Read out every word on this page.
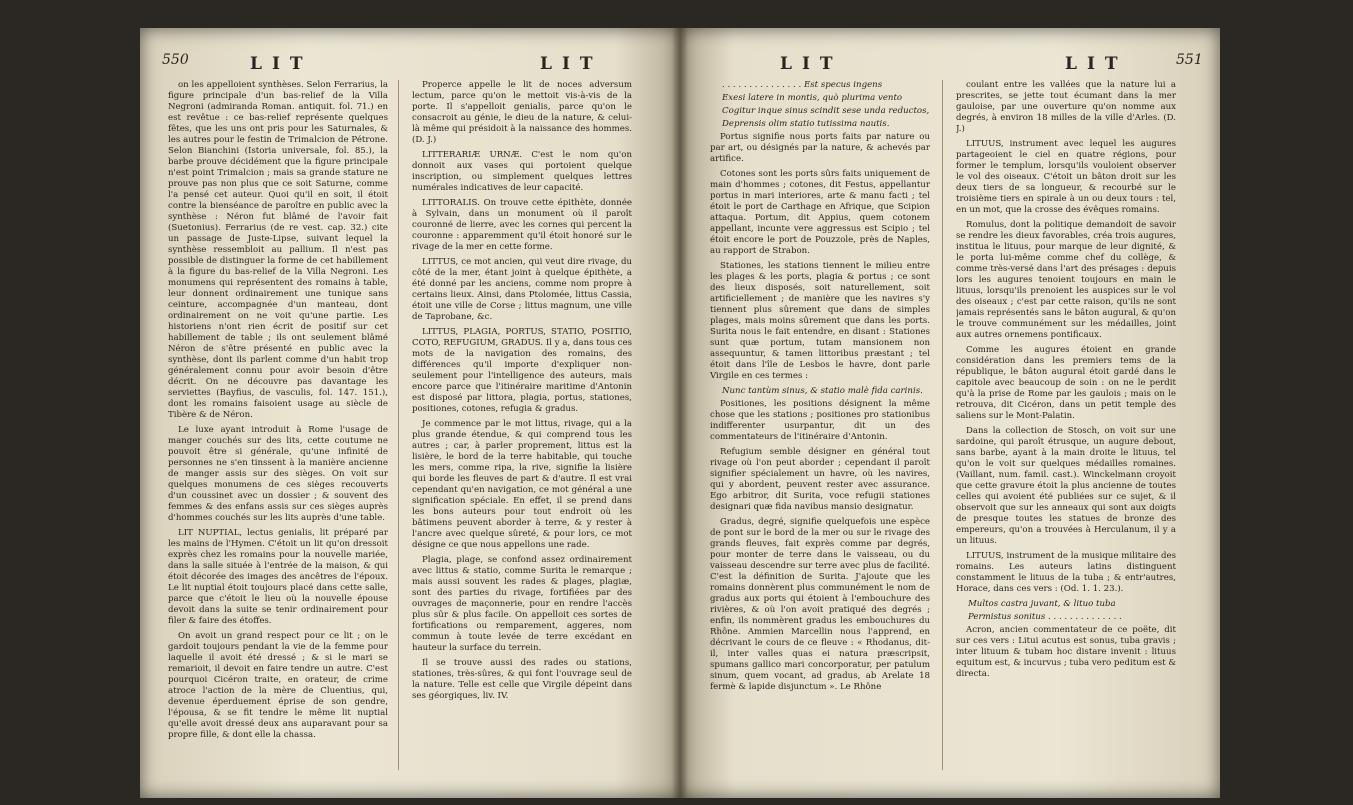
550	LIT	LIT

on les appelloient synthèses. Selon Ferrarius, la figure principale d'un bas-relief de la Villa Negroni (admiranda Roman. antiquit. fol. 71.) en est revêtue : ce bas-relief représente quelques fêtes, que les uns ont pris pour les Saturnales, & les autres pour le festin de Trimalcion de Pétrone. Selon Bianchini (Istoria universale, fol. 85.), la barbe prouve décidément que la figure principale n'est point Trimalcion ; mais sa grande stature ne prouve pas non plus que ce soit Saturne, comme l'a pensé cet auteur. Quoi qu'il en soit, il étoit contre la bienséance de paroître en public avec la synthèse : Néron fut blâmé de l'avoir fait (Suetonius). Ferrarius (de re vest. cap. 32.) cite un passage de Juste-Lipse, suivant lequel la synthèse ressembloit au pallium. Il n'est pas possible de distinguer la forme de cet habillement à la figure du bas-relief de la Villa Negroni. Les monumens qui représentent des romains à table, leur donnent ordinairement une tunique sans ceinture, accompagnée d'un manteau, dont ordinairement on ne voit qu'une partie. Les historiens n'ont rien écrit de positif sur cet habillement de table ; ils ont seulement blâmé Néron de s'être présenté en public avec la synthèse, dont ils parlent comme d'un habit trop généralement connu pour avoir besoin d'être décrit. On ne découvre pas davantage les serviettes (Bayfius, de vasculis, fol. 147. 151.), dont les romains faisoient usage au siècle de Tibère & de Néron.

Le luxe ayant introduit à Rome l'usage de manger couchés sur des lits, cette coutume ne pouvoit être si générale, qu'une infinité de personnes ne s'en tinssent à la manière ancienne de manger assis sur des sièges. On voit sur quelques monumens de ces sièges recouverts d'un coussinet avec un dossier ; & souvent des femmes & des enfans assis sur ces sièges auprès d'hommes couchés sur les lits auprès d'une table.

LIT NUPTIAL, lectus genialis, lit préparé par les mains de l'Hymen. C'étoit un lit qu'on dressoit exprès chez les romains pour la nouvelle mariée, dans la salle située à l'entrée de la maison, & qui étoit décorée des images des ancêtres de l'époux. Le lit nuptial étoit toujours placé dans cette salle, parce que c'étoit le lieu où la nouvelle épouse devoit dans la suite se tenir ordinairement pour filer & faire des étoffes.

On avoit un grand respect pour ce lit ; on le gardoit toujours pendant la vie de la femme pour laquelle il avoit été dressé ; & si le mari se remarioit, il devoit en faire tendre un autre. C'est pourquoi Cicéron traite, en orateur, de crime atroce l'action de la mère de Cluentius, qui, devenue éperduement éprise de son gendre, l'épousa, & se fit tendre le même lit nuptial qu'elle avoit dressé deux ans auparavant pour sa propre fille, & dont elle la chassa.

Properce appelle le lit de noces adversum lectum, parce qu'on le mettoit vis-à-vis de la porte. Il s'appelloit genialis, parce qu'on le consacroit au génie, le dieu de la nature, & celui-là même qui présidoit à la naissance des hommes. (D. J.)

LITTERARIÆ URNÆ. C'est le nom qu'on donnoit aux vases qui portoient quelque inscription, ou simplement quelques lettres numérales indicatives de leur capacité.

LITTORALIS. On trouve cette épithète, donnée à Sylvain, dans un monument où il paroît couronné de lierre, avec les cornes qui percent la couronne : apparemment qu'il étoit honoré sur le rivage de la mer en cette forme.

LITTUS, ce mot ancien, qui veut dire rivage, du côté de la mer, étant joint à quelque épithète, a été donné par les anciens, comme nom propre à certains lieux. Ainsi, dans Ptolomée, littus Cassia, étoit une ville de Corse ; littus magnum, une ville de Taprobane, &c.

LITTUS, PLAGIA, PORTUS, STATIO, POSITIO, COTO, REFUGIUM, GRADUS. Il y a, dans tous ces mots de la navigation des romains, des différences qu'il importe d'expliquer non-seulement pour l'intelligence des auteurs, mais encore parce que l'itinéraire maritime d'Antonin est disposé par littora, plagia, portus, stationes, positiones, cotones, refugia & gradus.

Je commence par le mot littus, rivage, qui a la plus grande étendue, & qui comprend tous les autres ; car, à parler proprement, littus est la lisière, le bord de la terre habitable, qui touche les mers, comme ripa, la rive, signifie la lisière qui borde les fleuves de part & d'autre. Il est vrai cependant qu'en navigation, ce mot général a une signification spéciale. En effet, il se prend dans les bons auteurs pour tout endroit où les bâtimens peuvent aborder à terre, & y rester à l'ancre avec quelque sûreté, & pour lors, ce mot désigne ce que nous appellons une rade.

Plagia, plage, se confond assez ordinairement avec littus & statio, comme Surita le remarque ; mais aussi souvent les rades & plages, plagiæ, sont des parties du rivage, fortifiées par des ouvrages de maçonnerie, pour en rendre l'accès plus sûr & plus facile. On appelloit ces sortes de fortifications ou remparement, aggeres, nom commun à toute levée de terre excédant en hauteur la surface du terrein.

Il se trouve aussi des rades ou stations, stationes, très-sûres, & qui font l'ouvrage seul de la nature. Telle est celle que Virgile dépeint dans ses géorgiques, liv. IV.

LIT	LIT	551

. . . . . . . . . . . . . . . Est specus ingens

Exesi latere in montis, quò plurima vento

Cogitur inque sinus scindit sese unda reductos,

Deprensis olim statio tutissima nautis.

Portus signifie nous ports faits par nature ou par art, ou désignés par la nature, & achevés par artifice.

Cotones sont les ports sûrs faits uniquement de main d'hommes ; cotones, dit Festus, appellantur portus in mari interiores, arte & manu facti ; tel étoit le port de Carthage en Afrique, que Scipion attaqua. Portum, dit Appius, quem cotonem appellant, incunte vere aggressus est Scipio ; tel étoit encore le port de Pouzzole, près de Naples, au rapport de Strabon.

Stationes, les stations tiennent le milieu entre les plages & les ports, plagia & portus ; ce sont des lieux disposés, soit naturellement, soit artificiellement ; de manière que les navires s'y tiennent plus sûrement que dans de simples plages, mais moins sûrement que dans les ports. Surita nous le fait entendre, en disant : Stationes sunt quæ portum, tutam mansionem non assequuntur, & tamen littoribus præstant ; tel étoit dans l'île de Lesbos le havre, dont parle Virgile en ces termes :

Nunc tantùm sinus, & statio malè fida carinis.

Positiones, les positions désignent la même chose que les stations ; positiones pro stationibus indifferenter usurpantur, dit un des commentateurs de l'itinéraire d'Antonin.

Refugium semble désigner en général tout rivage où l'on peut aborder ; cependant il paroît signifier spécialement un havre, où les navires, qui y abordent, peuvent rester avec assurance. Ego arbitror, dit Surita, voce refugii stationes designari quæ fida navibus mansio designatur.

Gradus, degré, signifie quelquefois une espèce de pont sur le bord de la mer ou sur le rivage des grands fleuves, fait exprès comme par degrés, pour monter de terre dans le vaisseau, ou du vaisseau descendre sur terre avec plus de facilité. C'est la définition de Surita. J'ajoute que les romains donnèrent plus communément le nom de gradus aux ports qui étoient à l'embouchure des rivières, & où l'on avoit pratiqué des degrés ; enfin, ils nommèrent gradus les embouchures du Rhône. Ammien Marcellin nous l'apprend, en décrivant le cours de ce fleuve : « Rhodanus, dit-il, inter valles quas ei natura præscripsit, spumans gallico mari concorporatur, per patulum sinum, quem vocant, ad gradus, ab Arelate 18 fermè & lapide disjunctum ». Le Rhône

coulant entre les vallées que la nature lui a prescrites, se jette tout écumant dans la mer gauloise, par une ouverture qu'on nomme aux degrés, à environ 18 milles de la ville d'Arles. (D. J.)

LITUUS, instrument avec lequel les augures partageoient le ciel en quatre régions, pour former le templum, lorsqu'ils vouloient observer le vol des oiseaux. C'étoit un bâton droit sur les deux tiers de sa longueur, & recourbé sur le troisième tiers en spirale à un ou deux tours : tel, en un mot, que la crosse des évêques romains.

Romulus, dont la politique demandoit de savoir se rendre les dieux favorables, créa trois augures, institua le lituus, pour marque de leur dignité, & le porta lui-même comme chef du collège, & comme très-versé dans l'art des présages : depuis lors les augures tenoient toujours en main le lituus, lorsqu'ils prenoient les auspices sur le vol des oiseaux ; c'est par cette raison, qu'ils ne sont jamais représentés sans le bâton augural, & qu'on le trouve communément sur les médailles, joint aux autres ornemens pontificaux.

Comme les augures étoient en grande considération dans les premiers tems de la république, le bâton augural étoit gardé dans le capitole avec beaucoup de soin : on ne le perdit qu'à la prise de Rome par les gaulois ; mais on le retrouva, dit Cicéron, dans un petit temple des saliens sur le Mont-Palatin.

Dans la collection de Stosch, on voit sur une sardoine, qui paroît étrusque, un augure debout, sans barbe, ayant à la main droite le lituus, tel qu'on le voit sur quelques médailles romaines. (Vaillant, num. famil. cast.). Winckelmann croyoit que cette gravure étoit la plus ancienne de toutes celles qui avoient été publiées sur ce sujet, & il observoit que sur les anneaux qui sont aux doigts de presque toutes les statues de bronze des empereurs, qu'on a trouvées à Herculanum, il y a un lituus.

LITUUS, instrument de la musique militaire des romains. Les auteurs latins distinguent constamment le lituus de la tuba ; & entr'autres, Horace, dans ces vers : (Od. 1. 1. 23.).

Multos castra juvant, & lituo tuba

Permistus sonitus . . . . . . . . . . . . . .

Acron, ancien commentateur de ce poëte, dit sur ces vers : Litui acutus est sonus, tuba gravis ; inter lituum & tubam hoc distare invenit : lituus equitum est, & incurvus ; tuba vero peditum est & directa.
